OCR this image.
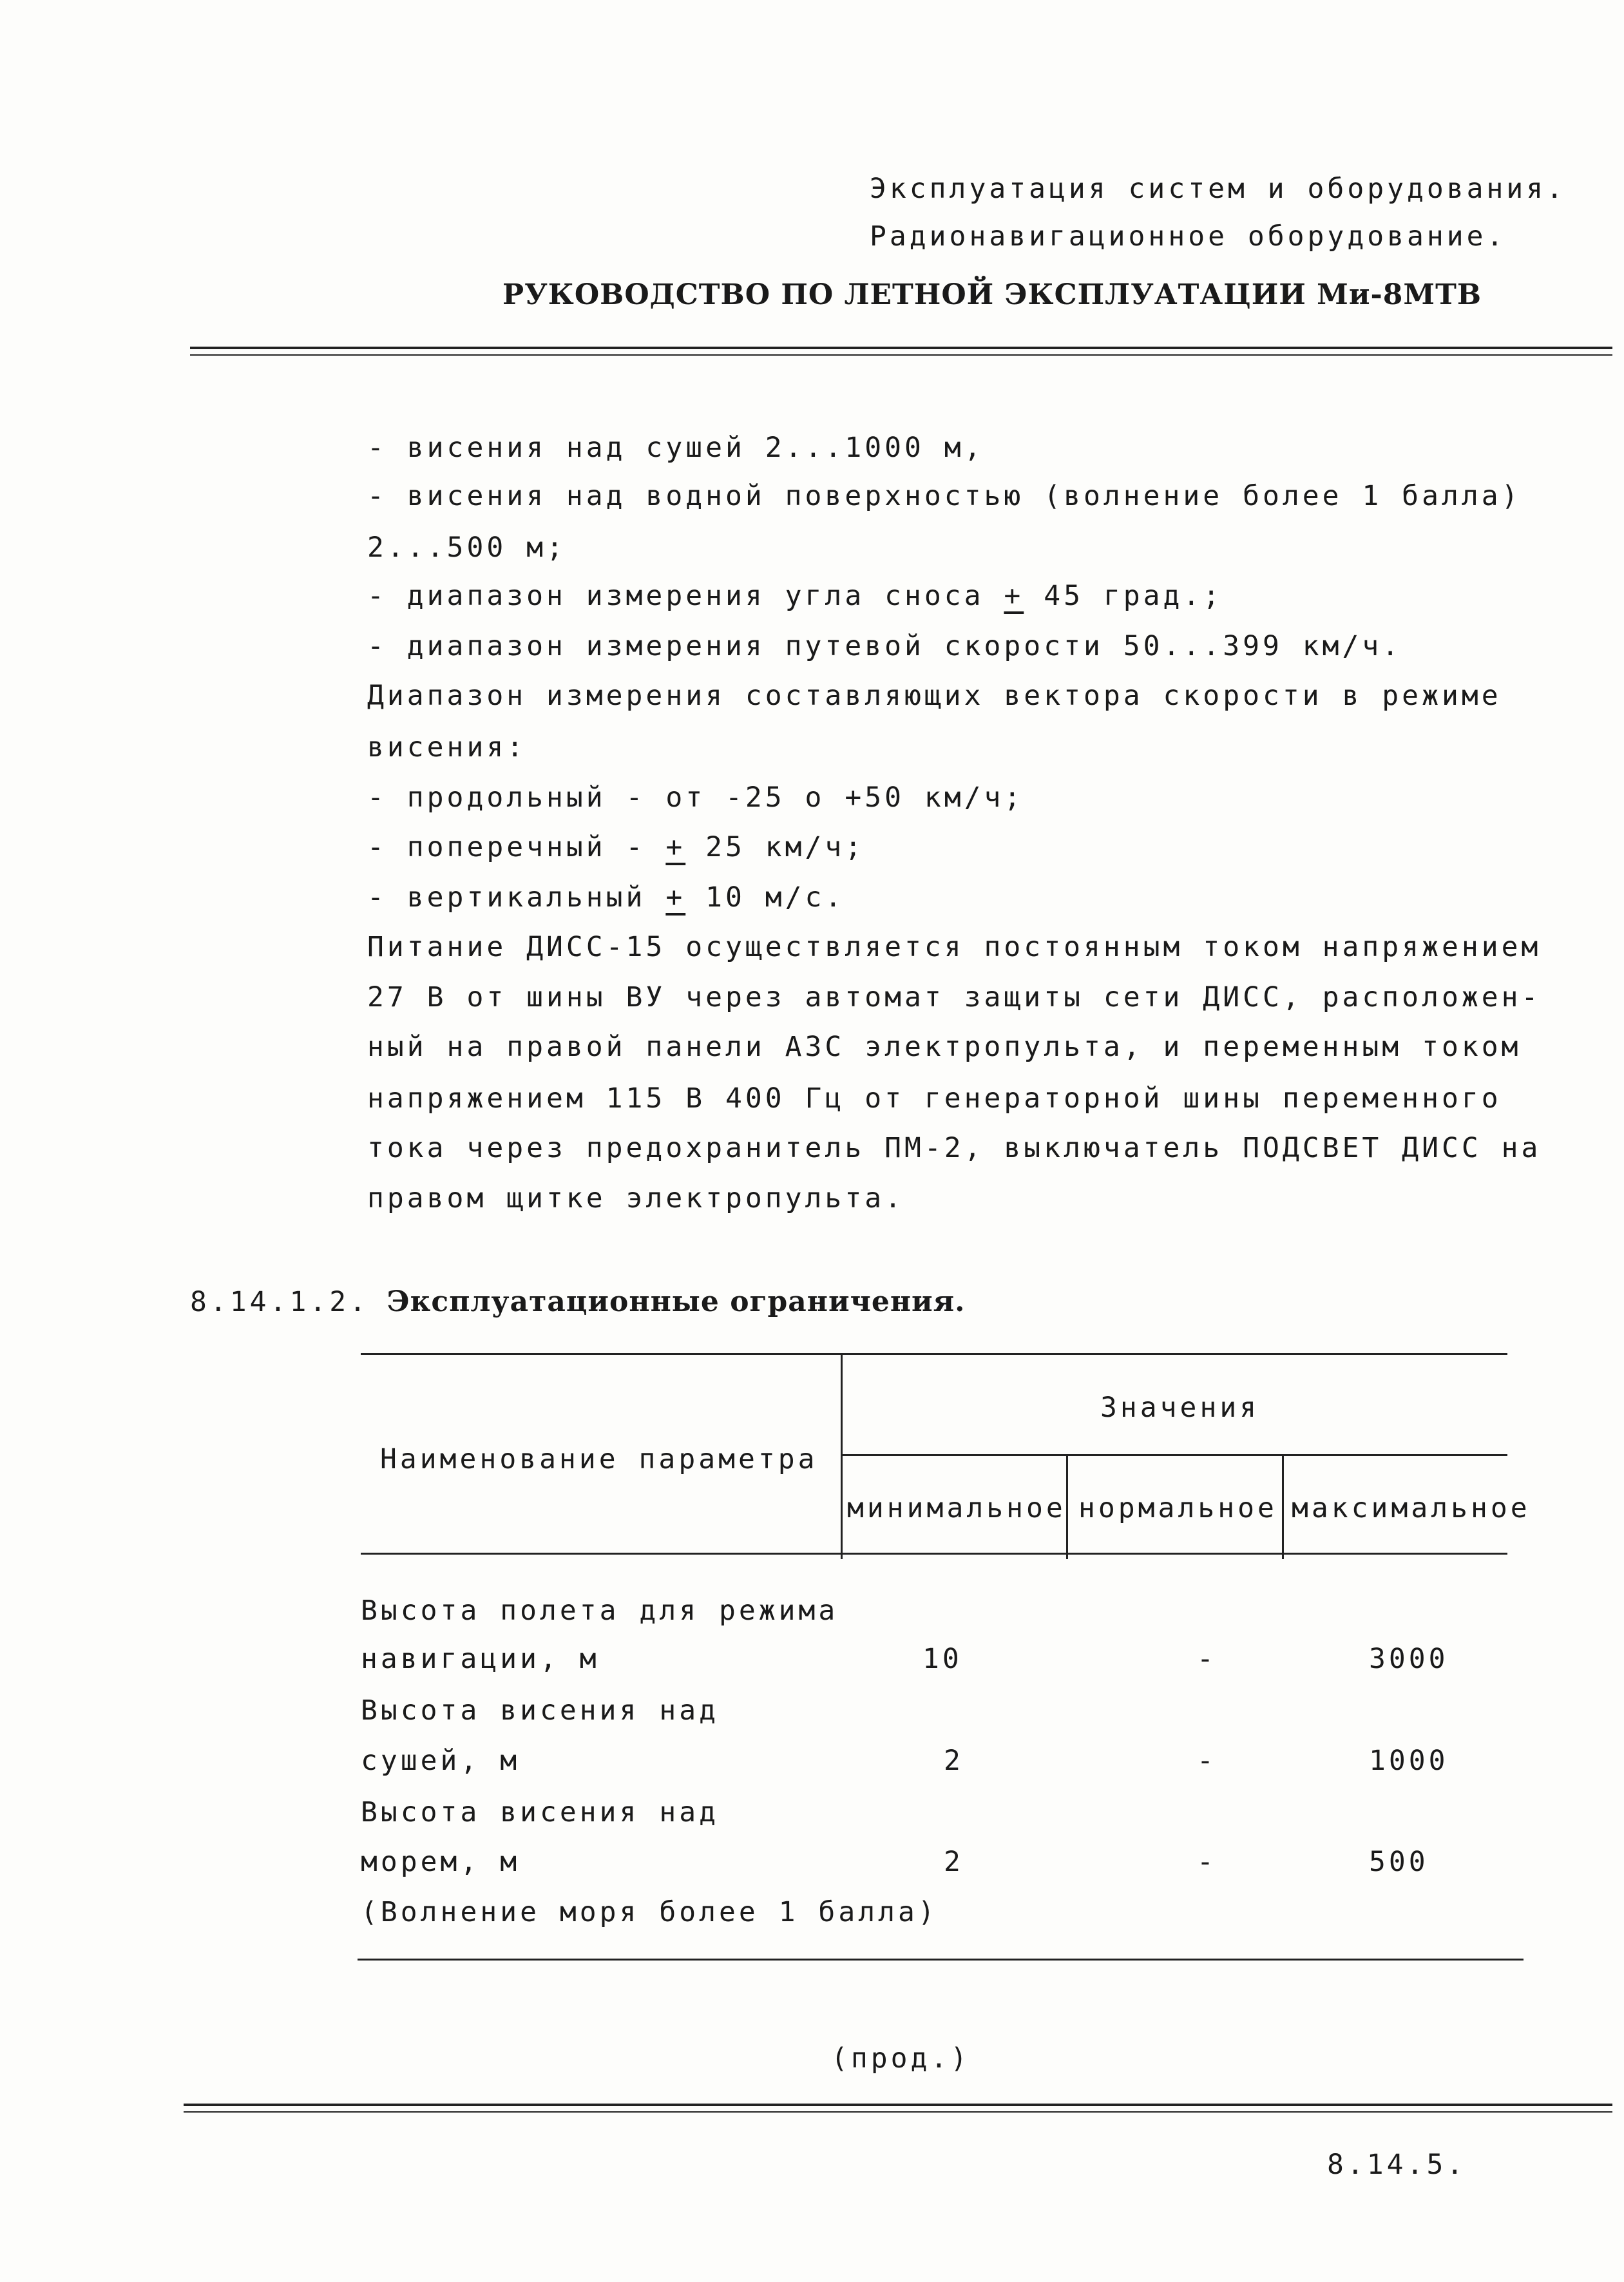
Эксплуатация систем и оборудования.
Радионавигационное оборудование.
РУКОВОДСТВО ПО ЛЕТНОЙ ЭКСПЛУАТАЦИИ Ми-8МТВ
- висения над сушей 2...1000 м,
- висения над водной поверхностью (волнение более 1 балла)
2...500 м;
- диапазон измерения угла сноса + 45 град.;
- диапазон измерения путевой скорости 50...399 км/ч.
Диапазон измерения составляющих вектора скорости в режиме
висения:
- продольный - от -25 о +50 км/ч;
- поперечный - + 25 км/ч;
- вертикальный + 10 м/с.
Питание ДИСС-15 осуществляется постоянным током напряжением
27 В от шины ВУ через автомат защиты сети ДИСС, расположен-
ный на правой панели АЗС электропульта, и переменным током
напряжением 115 В 400 Гц от генераторной шины переменного
тока через предохранитель ПМ-2, выключатель ПОДСВЕТ ДИСС на
правом щитке электропульта.
8.14.1.2. Эксплуатационные ограничения.
Значения
Наименование параметра
минимальное нормальное максимальное
Высота полета для режима
навигации, м	10	-	3000
Высота висения над
сушей, м	2	-	1000
Высота висения над
морем, м	2	-	500
(Волнение моря более 1 балла)
(прод.)
8.14.5.
